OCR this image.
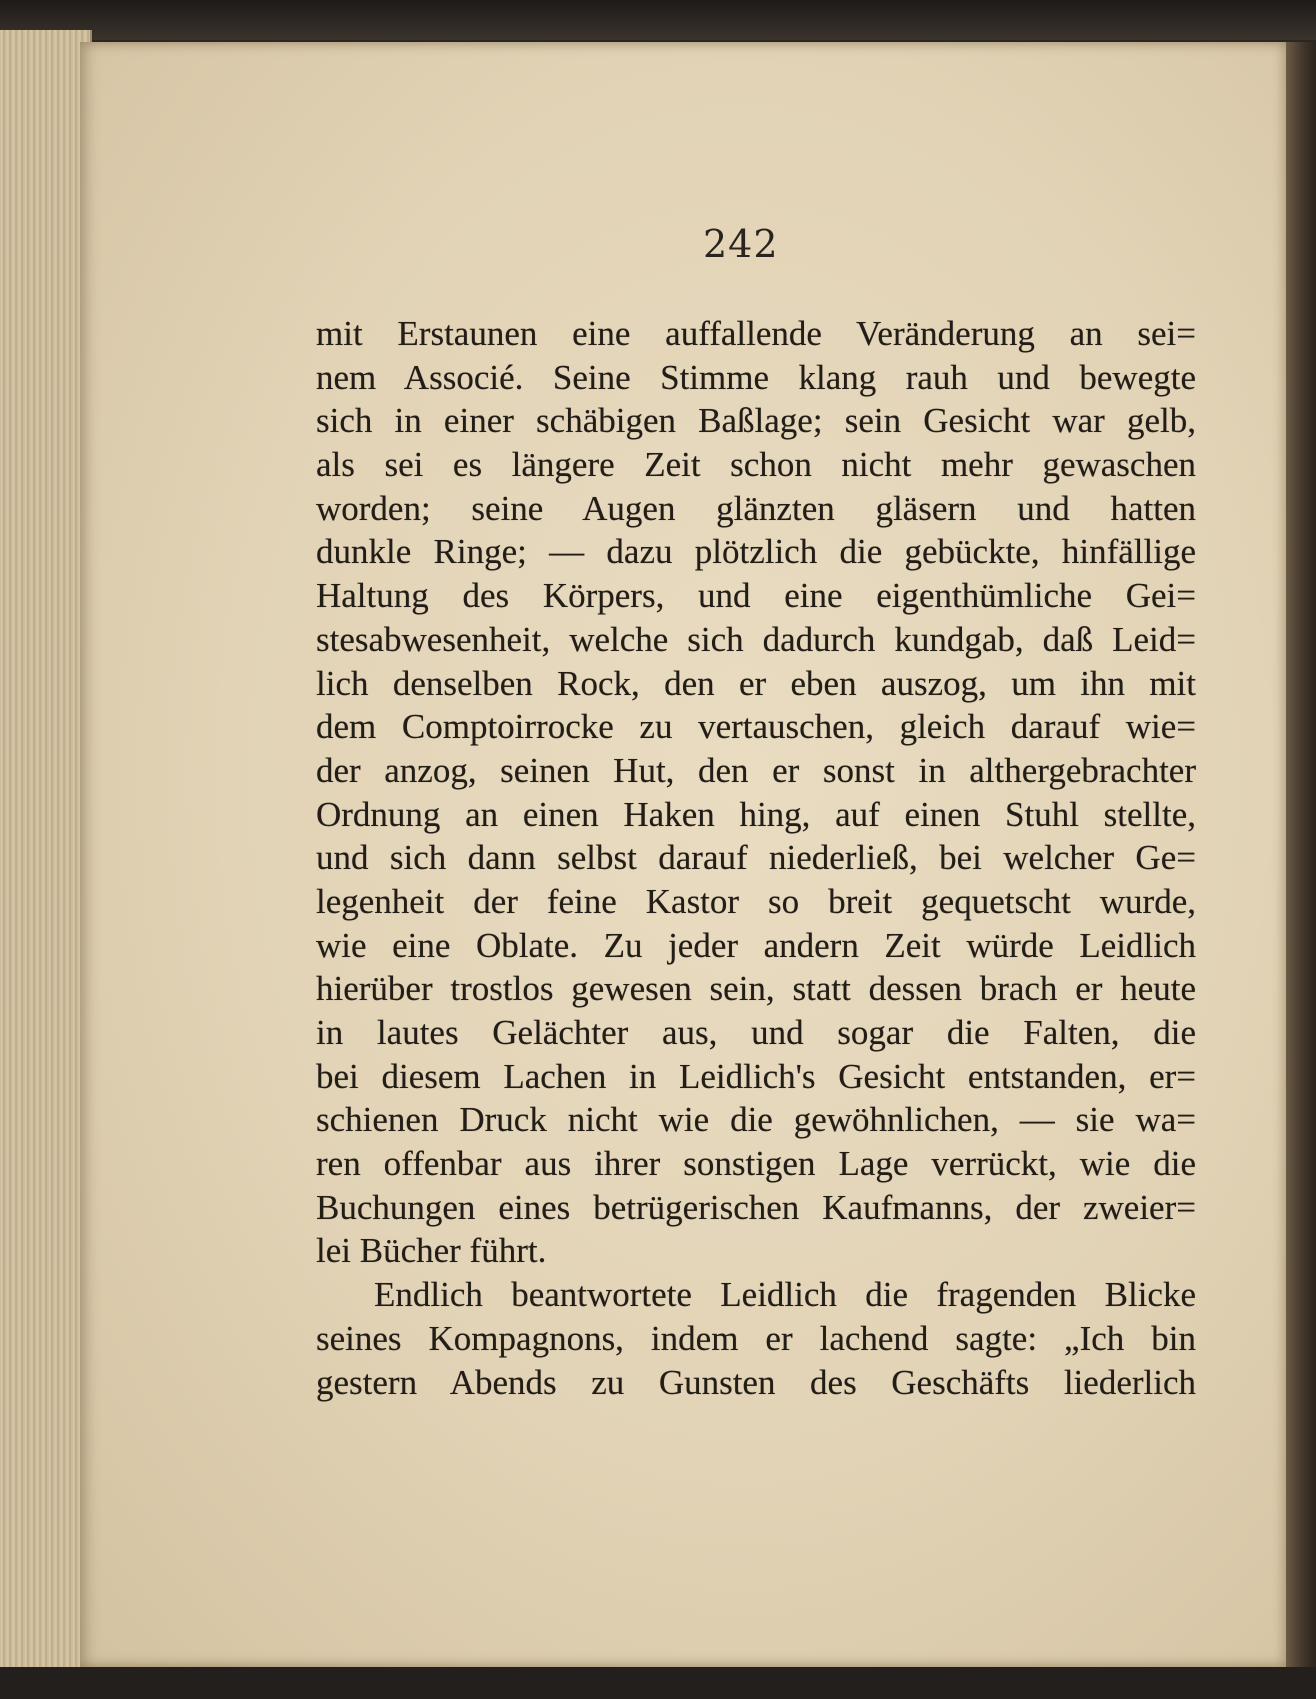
242
mit Erstaunen eine auffallende Veränderung an sei=
nem Associé. Seine Stimme klang rauh und bewegte
sich in einer schäbigen Baßlage; sein Gesicht war gelb,
als sei es längere Zeit schon nicht mehr gewaschen
worden; seine Augen glänzten gläsern und hatten
dunkle Ringe; — dazu plötzlich die gebückte, hinfällige
Haltung des Körpers, und eine eigenthümliche Gei=
stesabwesenheit, welche sich dadurch kundgab, daß Leid=
lich denselben Rock, den er eben auszog, um ihn mit
dem Comptoirrocke zu vertauschen, gleich darauf wie=
der anzog, seinen Hut, den er sonst in althergebrachter
Ordnung an einen Haken hing, auf einen Stuhl stellte,
und sich dann selbst darauf niederließ, bei welcher Ge=
legenheit der feine Kastor so breit gequetscht wurde,
wie eine Oblate. Zu jeder andern Zeit würde Leidlich
hierüber trostlos gewesen sein, statt dessen brach er heute
in lautes Gelächter aus, und sogar die Falten, die
bei diesem Lachen in Leidlich's Gesicht entstanden, er=
schienen Druck nicht wie die gewöhnlichen, — sie wa=
ren offenbar aus ihrer sonstigen Lage verrückt, wie die
Buchungen eines betrügerischen Kaufmanns, der zweier=
lei Bücher führt.
Endlich beantwortete Leidlich die fragenden Blicke
seines Kompagnons, indem er lachend sagte: „Ich bin
gestern Abends zu Gunsten des Geschäfts liederlich
